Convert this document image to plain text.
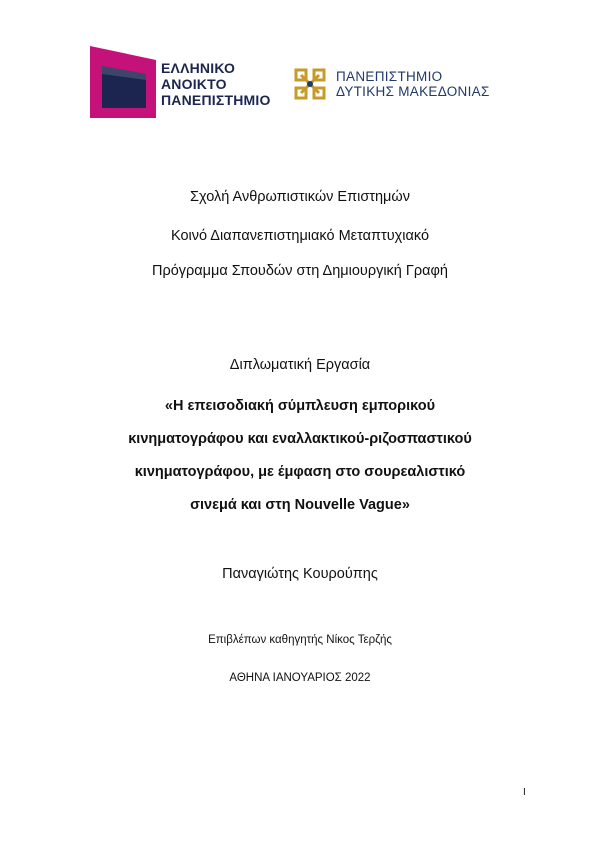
ΕΛΛΗΝΙΚΟ
ΑΝΟΙΚΤΟ
ΠΑΝΕΠΙΣΤΗΜΙΟ
ΠΑΝΕΠΙΣΤΗΜΙΟ
ΔΥΤΙΚΗΣ ΜΑΚΕΔΟΝΙΑΣ
Σχολή Ανθρωπιστικών Επιστημών
Κοινό Διαπανεπιστημιακό Μεταπτυχιακό
Πρόγραμμα Σπουδών στη Δημιουργική Γραφή
Διπλωματική Εργασία
«Η επεισοδιακή σύμπλευση εμπορικού
κινηματογράφου και εναλλακτικού-ριζοσπαστικού
κινηματογράφου, με έμφαση στο σουρεαλιστικό
σινεμά και στη Nouvelle Vague»
Παναγιώτης Κουρούπης
Επιβλέπων καθηγητής Νίκος Τερζής
ΑΘΗΝΑ ΙΑΝΟΥΑΡΙΟΣ 2022
I
